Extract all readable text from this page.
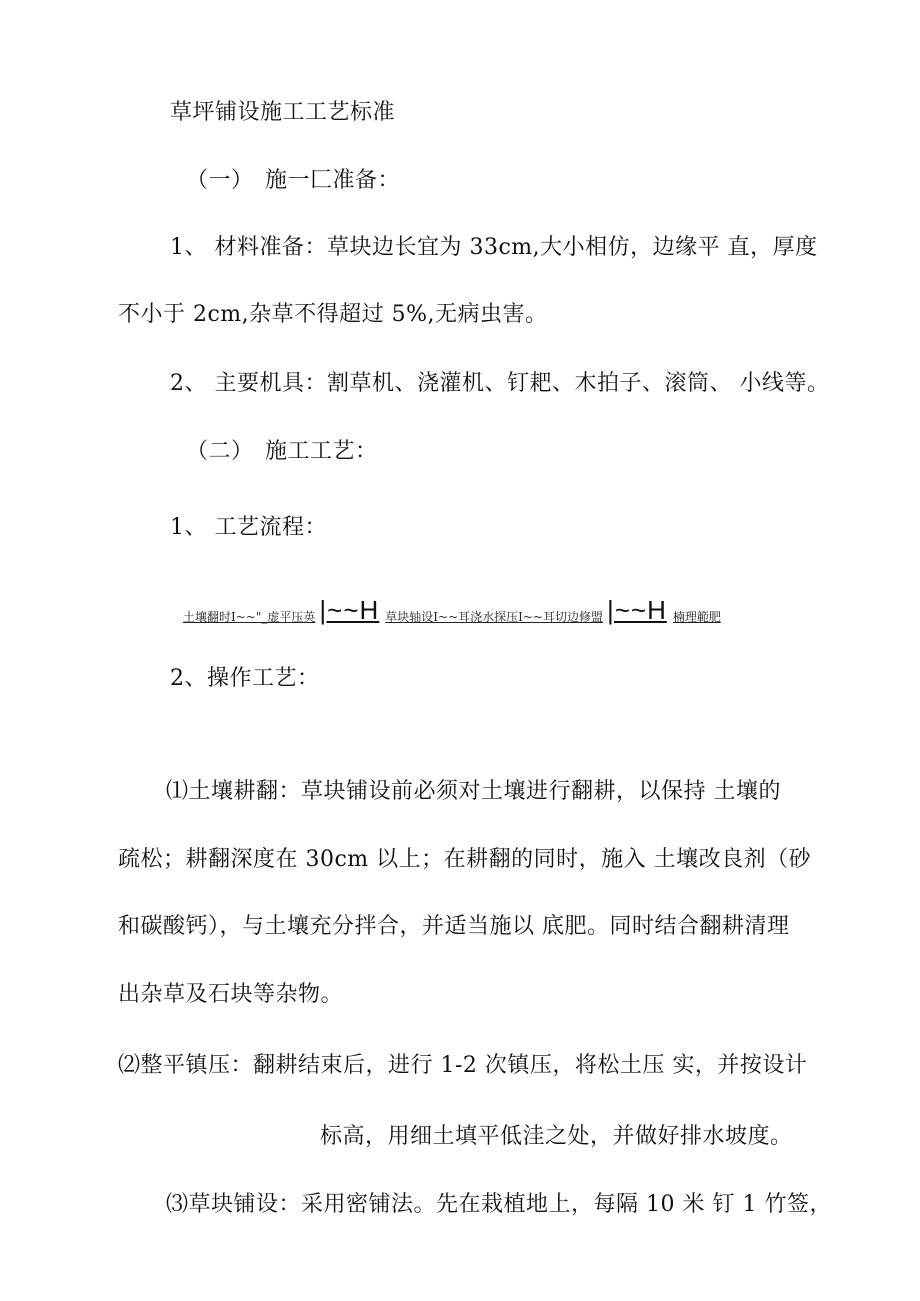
草坪铺设施工工艺标准
（一）　施一匚准备：
1、 材料准备：草块边长宜为 33cm,大小相仿，边缘平 直，厚度
不小于 2cm,杂草不得超过 5%,无病虫害。
2、 主要机具：割草机、浇灌机、钉耙、木拍子、滚筒、 小线等。
（二）　施工工艺：
1、 工艺流程：
土壤翻时I~~"_虚平压英 |~~H 草块轴设I~~耳浇水探压I~~耳切边修盟 |~~H 楠理範肥
2、操作工艺：
⑴土壤耕翻：草块铺设前必须对土壤进行翻耕，以保持 土壤的
疏松；耕翻深度在 30cm 以上；在耕翻的同时，施入 土壤改良剂（砂
和碳酸钙），与土壤充分拌合，并适当施以 底肥。同时结合翻耕清理
出杂草及石块等杂物。
⑵整平镇压：翻耕结束后，进行 1-2 次镇压，将松土压 实，并按设计
标高，用细土填平低洼之处，并做好排水坡度。
⑶草块铺设：采用密铺法。先在栽植地上，每隔 10 米 钉 1 竹签，
